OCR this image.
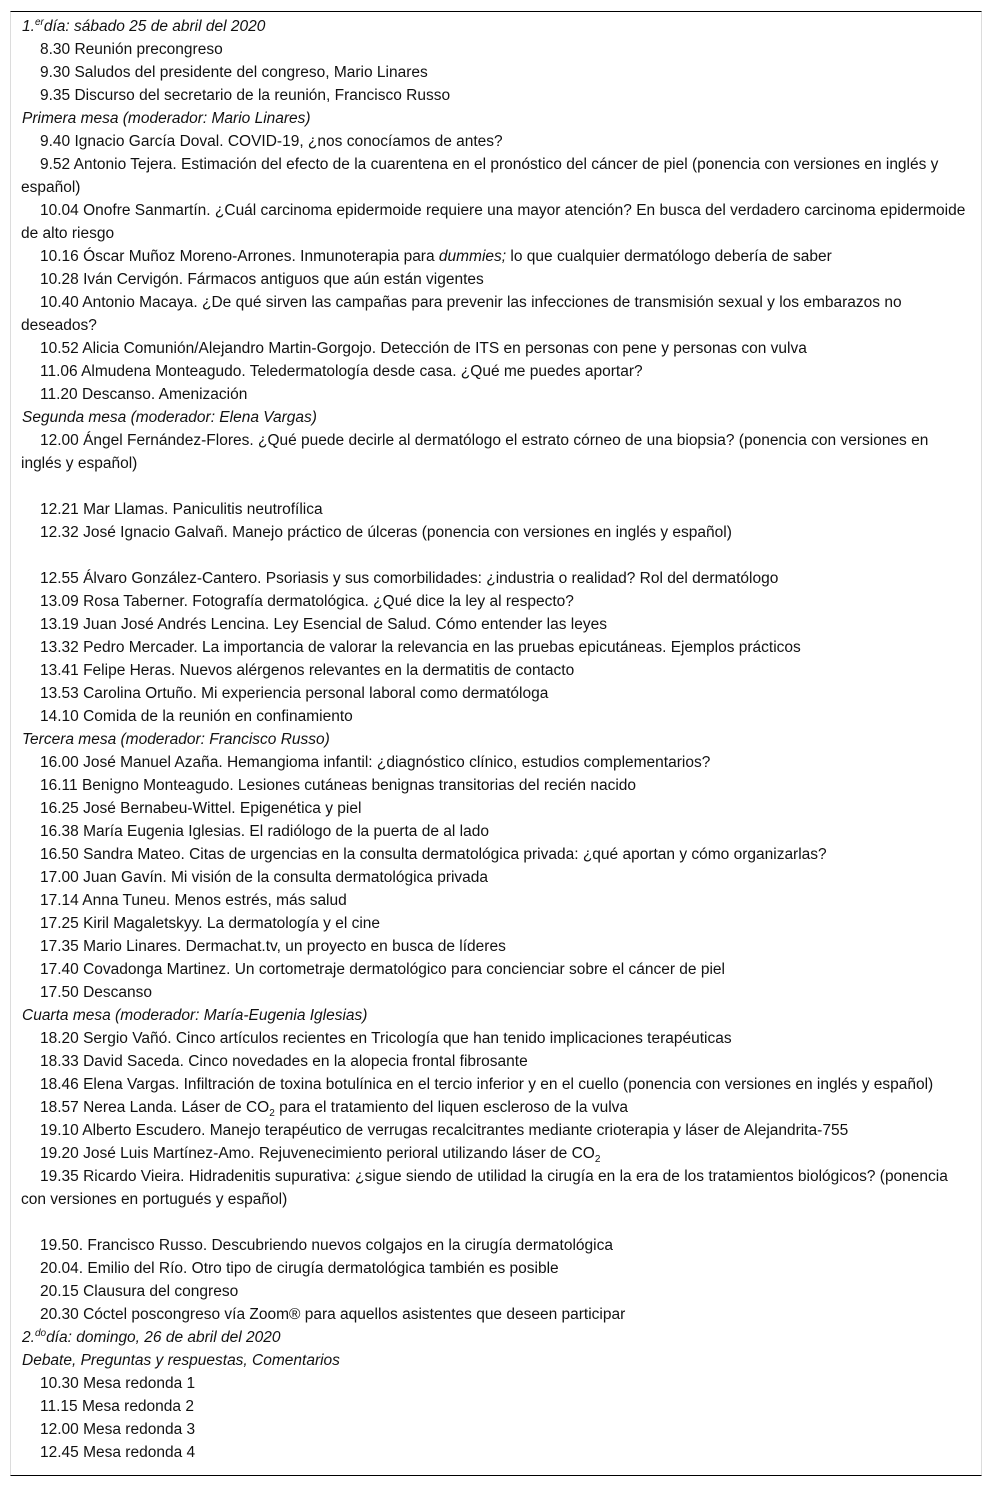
1.$^{er}$día: sábado 25 de abril del 2020
8.30 Reunión precongreso
9.30 Saludos del presidente del congreso, Mario Linares
9.35 Discurso del secretario de la reunión, Francisco Russo
Primera mesa (moderador: Mario Linares)
9.40 Ignacio García Doval. COVID-19, ¿nos conocíamos de antes?
9.52 Antonio Tejera. Estimación del efecto de la cuarentena en el pronóstico del cáncer de piel (ponencia con versiones en inglés y español)
10.04 Onofre Sanmartín. ¿Cuál carcinoma epidermoide requiere una mayor atención? En busca del verdadero carcinoma epidermoide de alto riesgo
10.16 Óscar Muñoz Moreno-Arrones. Inmunoterapia para dummies; lo que cualquier dermatólogo debería de saber
10.28 Iván Cervigón. Fármacos antiguos que aún están vigentes
10.40 Antonio Macaya. ¿De qué sirven las campañas para prevenir las infecciones de transmisión sexual y los embarazos no deseados?
10.52 Alicia Comunión/Alejandro Martin-Gorgojo. Detección de ITS en personas con pene y personas con vulva
11.06 Almudena Monteagudo. Teledermatología desde casa. ¿Qué me puedes aportar?
11.20 Descanso. Amenización
Segunda mesa (moderador: Elena Vargas)
12.00 Ángel Fernández-Flores. ¿Qué puede decirle al dermatólogo el estrato córneo de una biopsia? (ponencia con versiones en inglés y español)
12.21 Mar Llamas. Paniculitis neutrofílica
12.32 José Ignacio Galvañ. Manejo práctico de úlceras (ponencia con versiones en inglés y español)
12.55 Álvaro González-Cantero. Psoriasis y sus comorbilidades: ¿industria o realidad? Rol del dermatólogo
13.09 Rosa Taberner. Fotografía dermatológica. ¿Qué dice la ley al respecto?
13.19 Juan José Andrés Lencina. Ley Esencial de Salud. Cómo entender las leyes
13.32 Pedro Mercader. La importancia de valorar la relevancia en las pruebas epicutáneas. Ejemplos prácticos
13.41 Felipe Heras. Nuevos alérgenos relevantes en la dermatitis de contacto
13.53 Carolina Ortuño. Mi experiencia personal laboral como dermatóloga
14.10 Comida de la reunión en confinamiento
Tercera mesa (moderador: Francisco Russo)
16.00 José Manuel Azaña. Hemangioma infantil: ¿diagnóstico clínico, estudios complementarios?
16.11 Benigno Monteagudo. Lesiones cutáneas benignas transitorias del recién nacido
16.25 José Bernabeu-Wittel. Epigenética y piel
16.38 María Eugenia Iglesias. El radiólogo de la puerta de al lado
16.50 Sandra Mateo. Citas de urgencias en la consulta dermatológica privada: ¿qué aportan y cómo organizarlas?
17.00 Juan Gavín. Mi visión de la consulta dermatológica privada
17.14 Anna Tuneu. Menos estrés, más salud
17.25 Kiril Magaletskyy. La dermatología y el cine
17.35 Mario Linares. Dermachat.tv, un proyecto en busca de líderes
17.40 Covadonga Martinez. Un cortometraje dermatológico para concienciar sobre el cáncer de piel
17.50 Descanso
Cuarta mesa (moderador: María-Eugenia Iglesias)
18.20 Sergio Vañó. Cinco artículos recientes en Tricología que han tenido implicaciones terapéuticas
18.33 David Saceda. Cinco novedades en la alopecia frontal fibrosante
18.46 Elena Vargas. Infiltración de toxina botulínica en el tercio inferior y en el cuello (ponencia con versiones en inglés y español)
18.57 Nerea Landa. Láser de $CO_2$ para el tratamiento del liquen escleroso de la vulva
19.10 Alberto Escudero. Manejo terapéutico de verrugas recalcitrantes mediante crioterapia y láser de Alejandrita-755
19.20 José Luis Martínez-Amo. Rejuvenecimiento perioral utilizando láser de $CO_2$
19.35 Ricardo Vieira. Hidradenitis supurativa: ¿sigue siendo de utilidad la cirugía en la era de los tratamientos biológicos? (ponencia con versiones en portugués y español)
19.50. Francisco Russo. Descubriendo nuevos colgajos en la cirugía dermatológica
20.04. Emilio del Río. Otro tipo de cirugía dermatológica también es posible
20.15 Clausura del congreso
20.30 Cóctel poscongreso vía Zoom® para aquellos asistentes que deseen participar
2.$^{do}$día: domingo, 26 de abril del 2020
Debate, Preguntas y respuestas, Comentarios
10.30 Mesa redonda 1
11.15 Mesa redonda 2
12.00 Mesa redonda 3
12.45 Mesa redonda 4
